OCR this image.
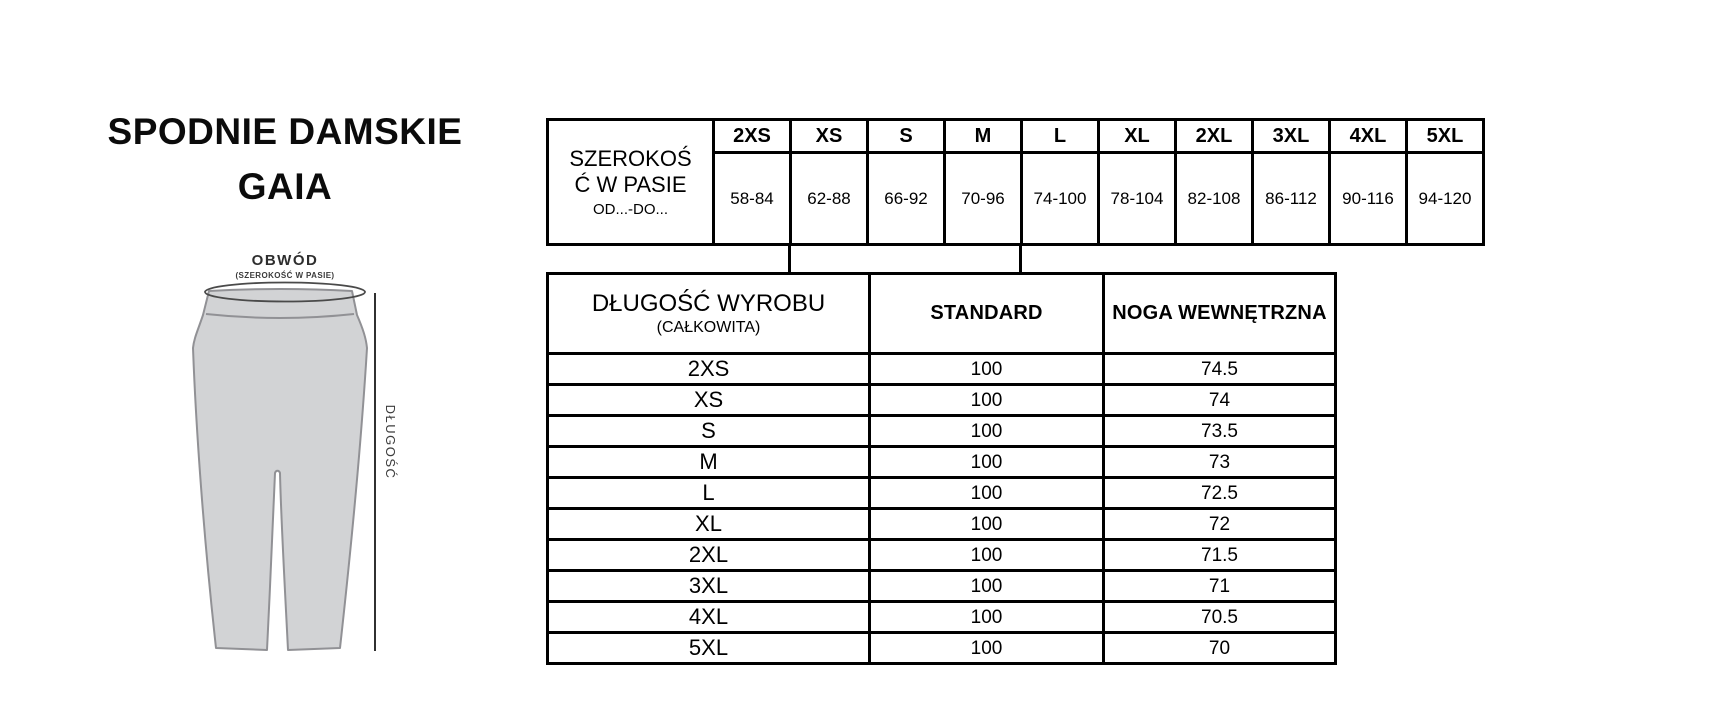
SPODNIE DAMSKIE
GAIA
OBWÓD
(SZEROKOŚĆ W PASIE)
DŁUGOŚĆ
SZEROKOŚĆ W PASIE
OD...-DO...	2XS	XS	S	M	L	XL	2XL	3XL	4XL	5XL
	58-84	62-88	66-92	70-96	74-100	78-104	82-108	86-112	90-116	94-120
DŁUGOŚĆ WYROBU
(CAŁKOWITA)	STANDARD	NOGA WEWNĘTRZNA
2XS	100	74.5
XS	100	74
S	100	73.5
M	100	73
L	100	72.5
XL	100	72
2XL	100	71.5
3XL	100	71
4XL	100	70.5
5XL	100	70
